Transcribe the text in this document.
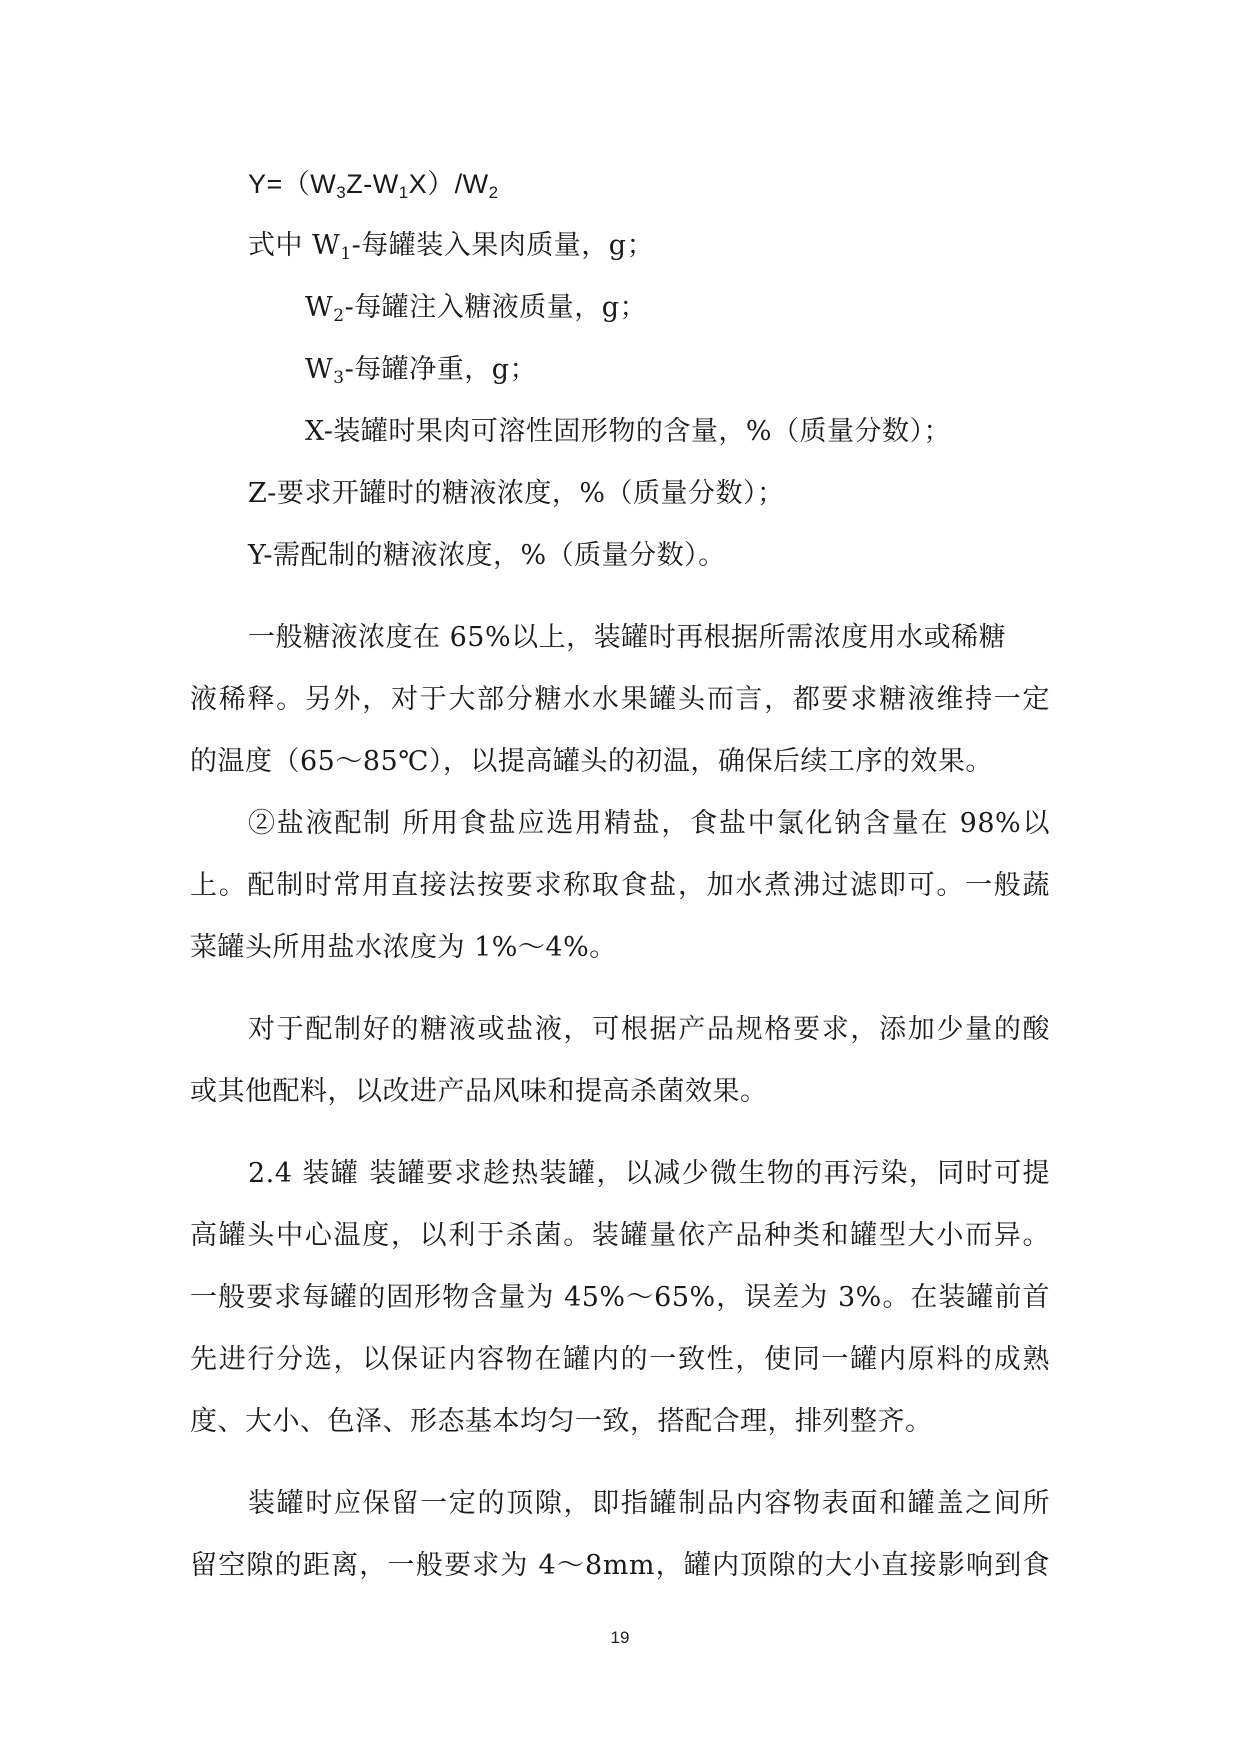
$Y=(W_3Z-W_1X)/W_2$
式中 $W_1-$每罐装入果肉质量，g；
$W_2-$每罐注入糖液质量，g；
$W_3-$每罐净重，g；
X-装罐时果肉可溶性固形物的含量，%（质量分数）；
Z-要求开罐时的糖液浓度，%（质量分数）；
Y-需配制的糖液浓度，%（质量分数）。
一般糖液浓度在 65%以上，装罐时再根据所需浓度用水或稀糖
液稀释。另外，对于大部分糖水水果罐头而言，都要求糖液维持一定
的温度（65～85℃），以提高罐头的初温，确保后续工序的效果。
②盐液配制 所用食盐应选用精盐，食盐中氯化钠含量在 98%以
上。配制时常用直接法按要求称取食盐，加水煮沸过滤即可。一般蔬
菜罐头所用盐水浓度为 1%～4%。
对于配制好的糖液或盐液，可根据产品规格要求，添加少量的酸
或其他配料，以改进产品风味和提高杀菌效果。
2.4 装罐 装罐要求趁热装罐，以减少微生物的再污染，同时可提
高罐头中心温度，以利于杀菌。装罐量依产品种类和罐型大小而异。
一般要求每罐的固形物含量为 45%～65%，误差为 3%。在装罐前首
先进行分选，以保证内容物在罐内的一致性，使同一罐内原料的成熟
度、大小、色泽、形态基本均匀一致，搭配合理，排列整齐。
装罐时应保留一定的顶隙，即指罐制品内容物表面和罐盖之间所
留空隙的距离，一般要求为 4～8mm，罐内顶隙的大小直接影响到食
19
